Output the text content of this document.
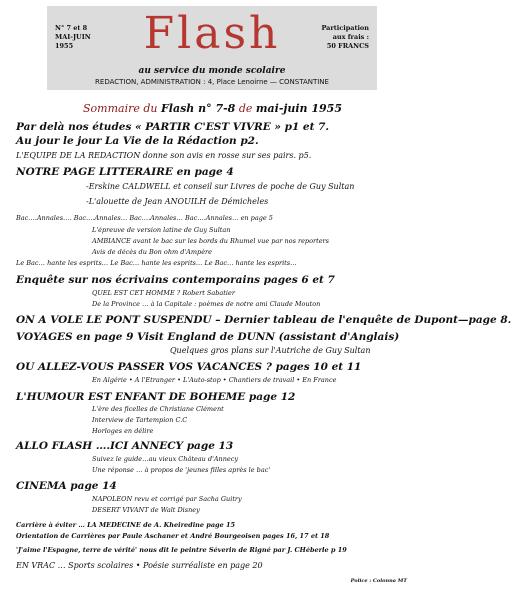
N° 7 et 8
MAI-JUIN
1955	Flash	Participation
aux frais :
50 FRANCS
au service du monde scolaire
REDACTION, ADMINISTRATION : 4, Place Lenoirne — CONSTANTINE
Sommaire du Flash n° 7-8 de mai-juin 1955
Par delà nos études « PARTIR C'EST VIVRE » p1 et 7.
Au jour le jour La Vie de la Rédaction p2.
L'EQUIPE DE LA REDACTION donne son avis en rosse sur ses pairs. p5.
NOTRE PAGE LITTERAIRE en page 4
-Erskine CALDWELL et conseil sur Livres de poche de Guy Sultan
-L'alouette de Jean ANOUILH de Démicheles
Bac….Annales…. Bac….Annales… Bac….Annales… Bac….Annales… en page 5
L'épreuve de version latine de Guy Sultan
AMBIANCE avant le bac sur les bords du Rhumel vue par nos reporters
Avis de décès du Bon ohm d'Ampère
Le Bac… hante les esprits… Le Bac… hante les esprits… Le Bac… hante les esprits…
Enquête sur nos écrivains contemporains pages 6 et 7
QUEL EST CET HOMME ? Robert Sabatier
De la Province … à la Capitale : poèmes de notre ami Claude Mouton
ON A VOLE LE PONT SUSPENDU – Dernier tableau de l'enquête de Dupont—page 8.
VOYAGES en page 9 Visit England de DUNN (assistant d'Anglais)
Quelques gros plans sur l'Autriche de Guy Sultan
OU ALLEZ-VOUS PASSER VOS VACANCES ? pages 10 et 11
En Algérie • A l'Etranger • L'Auto-stop • Chantiers de travail • En France
L'HUMOUR EST ENFANT DE BOHEME page 12
L'ère des ficelles de Christiane Clément
Interview de Tartempion C.C
Horloges en délire
ALLO FLASH ….ICI ANNECY page 13
Suivez le guide…au vieux Château d'Annecy
Une réponse … à propos de 'jeunes filles après le bac'
CINEMA page 14
NAPOLEON revu et corrigé par Sacha Guitry
DESERT VIVANT de Walt Disney
Carrière à éviter … LA MEDECINE de A. Kheiredine page 15
Orientation de Carrières par Paule Aschaner et André Bourgeoisen pages 16, 17 et 18
'J'aime l'Espagne, terre de vérité' nous dit le peintre Séverin de Rigné par J. CHéberle p 19
EN VRAC … Sports scolaires • Poésie surréaliste en page 20
Police : Colonna MT
